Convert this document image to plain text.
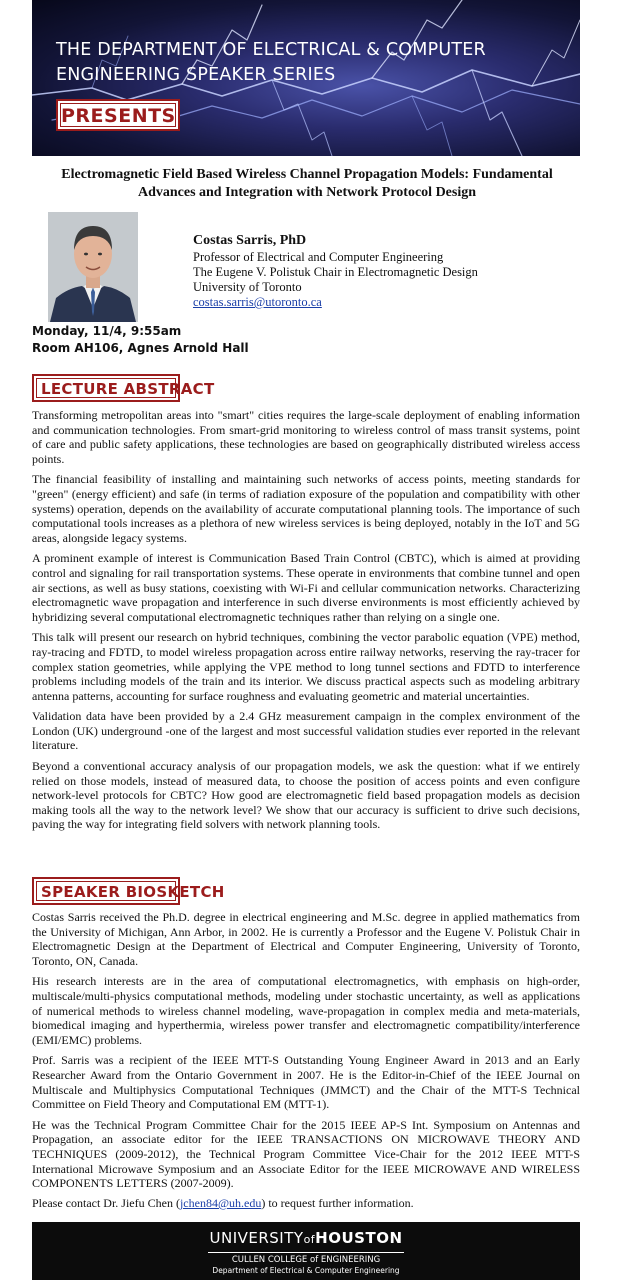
THE DEPARTMENT OF ELECTRICAL & COMPUTER ENGINEERING SPEAKER SERIES
PRESENTS
Electromagnetic Field Based Wireless Channel Propagation Models: Fundamental Advances and Integration with Network Protocol Design
Costas Sarris, PhD
Professor of Electrical and Computer Engineering
The Eugene V. Polistuk Chair in Electromagnetic Design
University of Toronto
costas.sarris@utoronto.ca
Monday, 11/4, 9:55am
Room AH106, Agnes Arnold Hall
LECTURE ABSTRACT

Transforming metropolitan areas into "smart" cities requires the large-scale deployment of enabling information and communication technologies. From smart-grid monitoring to wireless control of mass transit systems, point of care and public safety applications, these technologies are based on geographically distributed wireless access points.

The financial feasibility of installing and maintaining such networks of access points, meeting standards for "green" (energy efficient) and safe (in terms of radiation exposure of the population and compatibility with other systems) operation, depends on the availability of accurate computational planning tools. The importance of such computational tools increases as a plethora of new wireless services is being deployed, notably in the IoT and 5G areas, alongside legacy systems.

A prominent example of interest is Communication Based Train Control (CBTC), which is aimed at providing control and signaling for rail transportation systems. These operate in environments that combine tunnel and open air sections, as well as busy stations, coexisting with Wi-Fi and cellular communication networks. Characterizing electromagnetic wave propagation and interference in such diverse environments is most efficiently achieved by hybridizing several computational electromagnetic techniques rather than relying on a single one.

This talk will present our research on hybrid techniques, combining the vector parabolic equation (VPE) method, ray-tracing and FDTD, to model wireless propagation across entire railway networks, reserving the ray-tracer for complex station geometries, while applying the VPE method to long tunnel sections and FDTD to interference problems including models of the train and its interior. We discuss practical aspects such as modeling arbitrary antenna patterns, accounting for surface roughness and evaluating geometric and material uncertainties.

Validation data have been provided by a 2.4 GHz measurement campaign in the complex environment of the London (UK) underground -one of the largest and most successful validation studies ever reported in the relevant literature.

Beyond a conventional accuracy analysis of our propagation models, we ask the question: what if we entirely relied on those models, instead of measured data, to choose the position of access points and even configure network-level protocols for CBTC? How good are electromagnetic field based propagation models as decision making tools all the way to the network level? We show that our accuracy is sufficient to drive such decisions, paving the way for integrating field solvers with network planning tools.

SPEAKER BIOSKETCH

Costas Sarris received the Ph.D. degree in electrical engineering and M.Sc. degree in applied mathematics from the University of Michigan, Ann Arbor, in 2002. He is currently a Professor and the Eugene V. Polistuk Chair in Electromagnetic Design at the Department of Electrical and Computer Engineering, University of Toronto, Toronto, ON, Canada.

His research interests are in the area of computational electromagnetics, with emphasis on high-order, multiscale/multi-physics computational methods, modeling under stochastic uncertainty, as well as applications of numerical methods to wireless channel modeling, wave-propagation in complex media and meta-materials, biomedical imaging and hyperthermia, wireless power transfer and electromagnetic compatibility/interference (EMI/EMC) problems.

Prof. Sarris was a recipient of the IEEE MTT-S Outstanding Young Engineer Award in 2013 and an Early Researcher Award from the Ontario Government in 2007. He is the Editor-in-Chief of the IEEE Journal on Multiscale and Multiphysics Computational Techniques (JMMCT) and the Chair of the MTT-S Technical Committee on Field Theory and Computational EM (MTT-1).

He was the Technical Program Committee Chair for the 2015 IEEE AP-S Int. Symposium on Antennas and Propagation, an associate editor for the IEEE TRANSACTIONS ON MICROWAVE THEORY AND TECHNIQUES (2009-2012), the Technical Program Committee Vice-Chair for the 2012 IEEE MTT-S International Microwave Symposium and an Associate Editor for the IEEE MICROWAVE AND WIRELESS COMPONENTS LETTERS (2007-2009).

Please contact Dr. Jiefu Chen (jchen84@uh.edu) to request further information.
UNIVERSITYofHOUSTON
CULLEN COLLEGE of ENGINEERING
Department of Electrical & Computer Engineering
